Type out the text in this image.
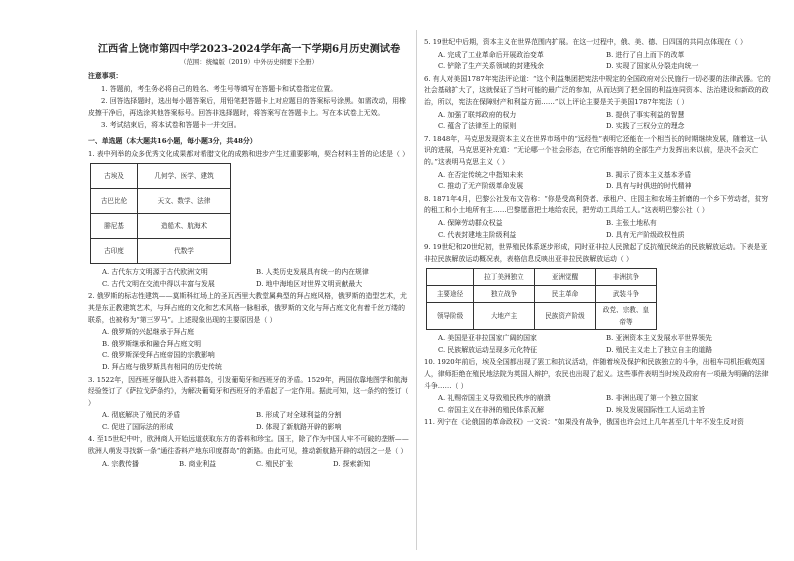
江西省上饶市第四中学2023-2024学年高一下学期6月历史测试卷
（范围：统编版（2019）中外历史纲要下全册）
注意事项：
1. 答题前，考生务必将自己的姓名、考生号等填写在答题卡和试卷指定位置。
2. 回答选择题时，选出每小题答案后，用铅笔把答题卡上对应题目的答案标号涂黑。如需改动，用橡皮擦干净后，再选涂其他答案标号。回答非选择题时，将答案写在答题卡上。写在本试卷上无效。
3. 考试结束后，将本试卷和答题卡一并交回。
一、单选题（本大题共16小题，每小题3分，共48分）
1. 表中列举的众多优秀文化成果都对希腊文化的成熟和进步产生过重要影响，契合材料主旨的论述是（ ）
古埃及	几何学、医学、建筑
古巴比伦	天文、数学、法律
腓尼基	造船术、航海术
古印度	代数学
A. 古代东方文明源于古代欧洲文明	B. 人类历史发展具有统一的内在规律
C. 古代文明在交流中得以丰富与发展	D. 地中海地区对世界文明贡献最大
2. 俄罗斯的标志性建筑——莫斯科红场上的圣瓦西里大教堂属典型的拜占庭风格，俄罗斯的造型艺术，尤其是东正教建筑艺术，与拜占庭的文化和艺术风格一脉相承，俄罗斯的文化与拜占庭文化有着千丝万缕的联系，也被称为“第三罗马”。上述现象出现的主要原因是（ ）
A. 俄罗斯的兴起继承于拜占庭
B. 俄罗斯继承和融合拜占庭文明
C. 俄罗斯深受拜占庭帝国的宗教影响
D. 拜占庭与俄罗斯具有相同的历史传统
3. 1522年，因西班牙舰队进入香料群岛，引发葡萄牙和西班牙的矛盾。1529年，两国依靠地图学和航海经验签订了《萨拉戈萨条约》，为解决葡萄牙和西班牙的矛盾起了一定作用。据此可知，这一条约的签订（ ）
A. 彻底解决了殖民的矛盾	B. 形成了对全球利益的分割
C. 促进了国际法的形成	D. 体现了新航路开辟的影响
4. 至15世纪中叶，欧洲商人开始远道获取东方的香料和珍宝。国王，除了作为中国人牢不可破的垄断——欧洲人萌发寻找新一条“通往香料产地东印度群岛”的新路。由此可见，推动新航路开辟的动因之一是（ ）
A. 宗教传播	B. 商业利益	C. 殖民扩张	D. 探索新知
5. 19世纪中后期，资本主义在世界范围内扩展。在这一过程中，俄、美、德、日四国的共同点体现在（ ）
A. 完成了工业革命后开展政治变革	B. 进行了自上而下的改革
C. 铲除了生产关系领域的封建残余	D. 实现了国家从分裂走向统一
6. 有人对美国1787年宪法评论道：“这个利益集团把宪法中规定的全国政府对公民施行一切必要的法律武器。它的社会基础扩大了，这就保证了当时可能的最广泛的参加，从而达到了把全国的利益连同资本、法治建设和新政的政治，所以，宪法在保障财产和利益方面……”以上评论主要是关于美国1787年宪法（ ）
A. 加强了联邦政府的权力	B. 提供了事实利益的智慧
C. 蕴含了法律至上的原则	D. 实践了三权分立的理念
7. 1848年，马克思发现资本主义在世界市场中的“远经性”表明它还能在一个相当长的时期继续发展，随着这一认识的进展，马克思更补充道：“无论哪一个社会形态，在它所能容纳的全部生产力发挥出来以前，是决不会灭亡的。”这表明马克思主义（ ）
A. 在否定传统之中指知未来	B. 揭示了资本主义基本矛盾
C. 推动了无产阶级革命发展	D. 具有与时俱进的时代精神
8. 1871年4月，巴黎公社发布文告称：“你是受高利贷者、承租户、庄园主和农场主折磨的一个乡下劳动者，贫穷的租工和小土地所有主……巴黎愿意把土地给农民，把劳动工具给工人。”这表明巴黎公社（ ）
A. 保障劳动群众权益	B. 主张土地私有
C. 代表封建地主阶级利益	D. 具有无产阶级政权性质
9. 19世纪和20世纪初，世界殖民体系逐步形成，同时亚非拉人民掀起了反抗殖民统治的民族解放运动。下表是亚非拉民族解放运动概况表，表格信息反映出亚非拉民族解放运动（ ）
	拉丁美洲独立	亚洲觉醒	非洲抗争
主要途径	独立战争	民主革命	武装斗争
领导阶级	大地产主	民族资产阶级	政党、宗教、皇帝等
A. 美国是亚非拉国家广阔的国家	B. 亚洲资本主义发展水平世界领先
C. 民族解放运动呈现多元化特征	D. 殖民主义走上了独立自主的道路
10. 1920年前后，埃及全国都出现了罢工和抗议活动，伴随着埃及保护和民族独立的斗争，出租车司机拒载英国人，律师拒绝在殖民地法院为英国人辩护，农民也出现了起义。这些事件表明当时埃及政府有一项最为明确的法律斗争……（ ）
A. 礼赐帝国主义导致殖民秩序的崩溃	B. 非洲出现了第一个独立国家
C. 帝国主义在非洲的殖民体系瓦解	D. 埃及发展国际性工人运动主旨
11. 列宁在《论俄国的革命政权》一文说：“如果没有战争，俄国也许会过上几年甚至几十年不发生反对资
